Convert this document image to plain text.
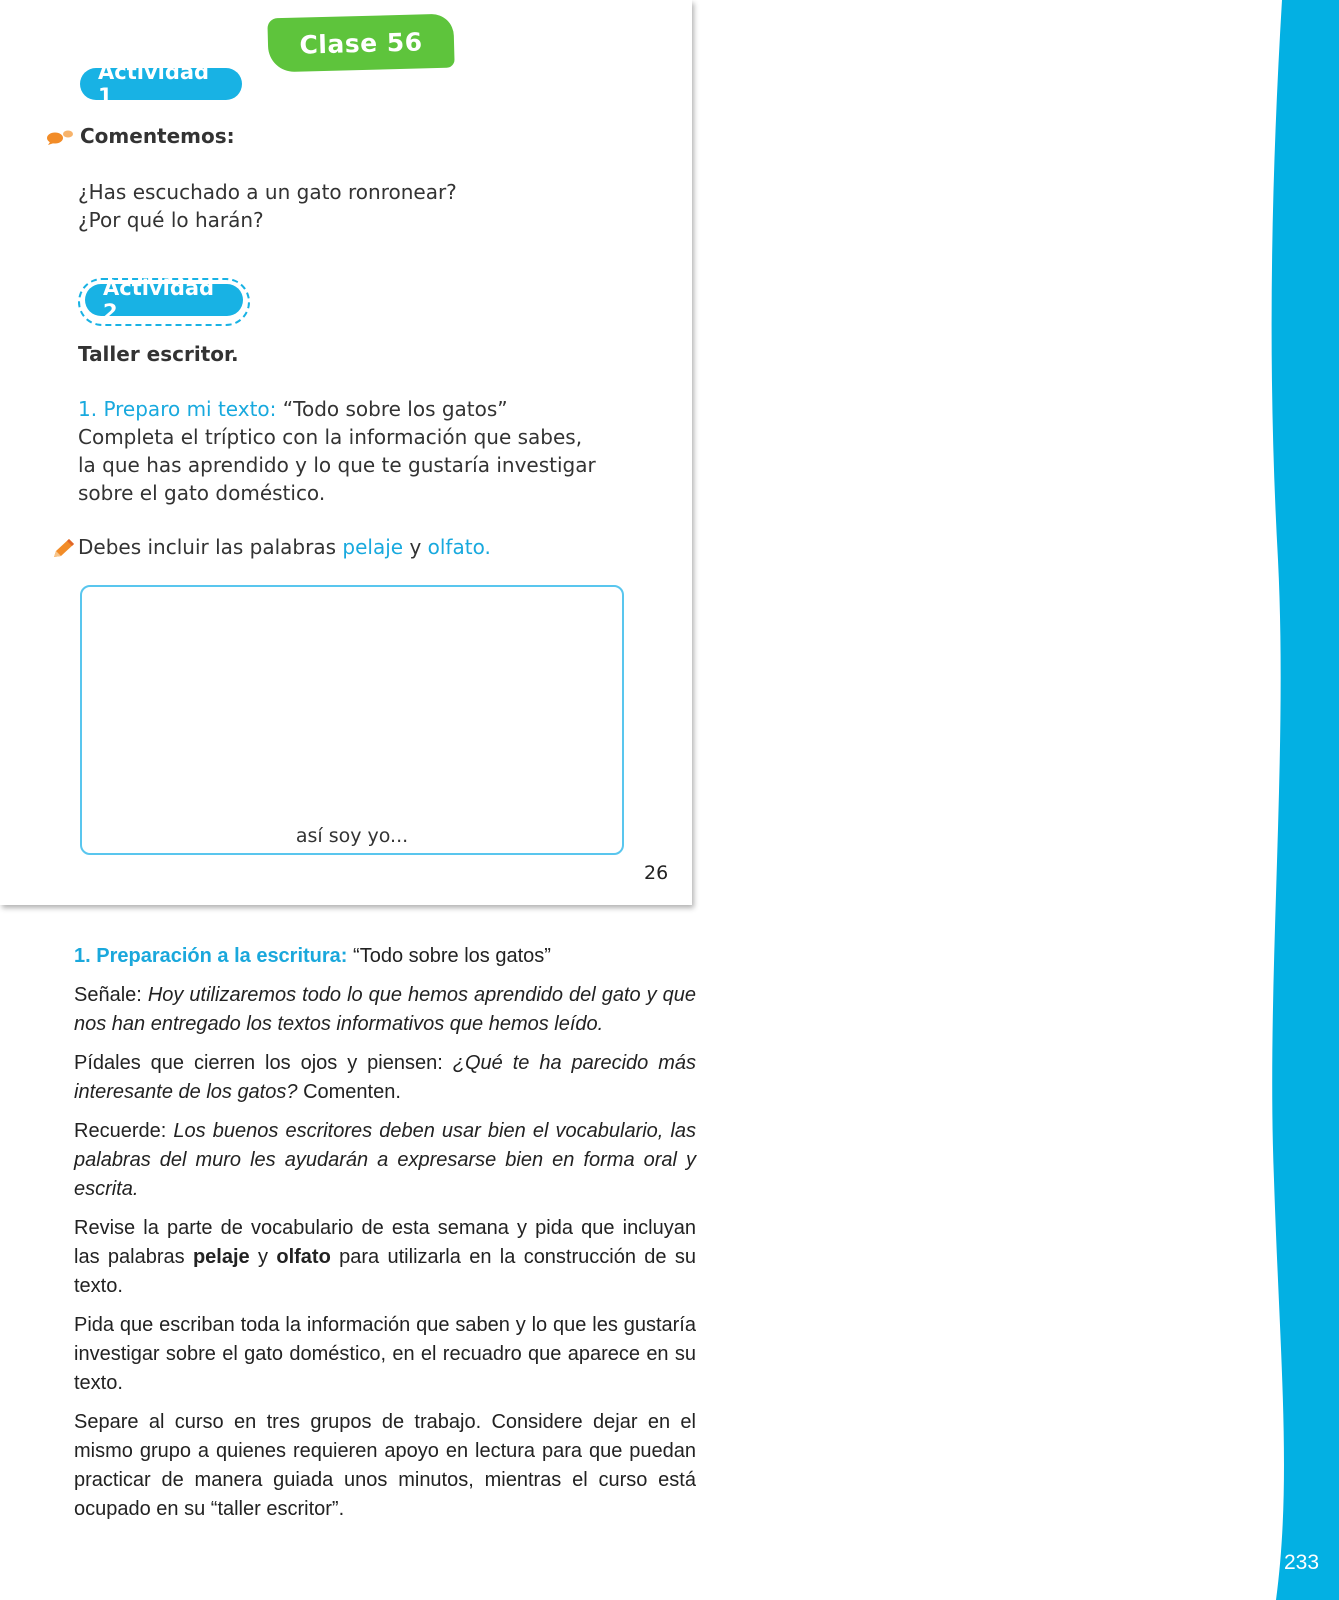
Clase 56
Actividad 1
Comentemos:
¿Has escuchado a un gato ronronear?
¿Por qué lo harán?
Actividad 2
Taller escritor.
1. Preparo mi texto: “Todo sobre los gatos”
Completa el tríptico con la información que sabes,
la que has aprendido y lo que te gustaría investigar
sobre el gato doméstico.
Debes incluir las palabras pelaje y olfato.
así soy yo...
26

1. Preparación a la escritura: “Todo sobre los gatos”

Señale: Hoy utilizaremos todo lo que hemos aprendido del gato y que nos han entregado los textos informativos que hemos leído.

Pídales que cierren los ojos y piensen: ¿Qué te ha parecido más interesante de los gatos? Comenten.

Recuerde: Los buenos escritores deben usar bien el vocabulario, las palabras del muro les ayudarán a expresarse bien en forma oral y escrita.

Revise la parte de vocabulario de esta semana y pida que incluyan las palabras pelaje y olfato para utilizarla en la construcción de su texto.

Pida que escriban toda la información que saben y lo que les gustaría investigar sobre el gato doméstico, en el recuadro que aparece en su texto.

Separe al curso en tres grupos de trabajo. Considere dejar en el mismo grupo a quienes requieren apoyo en lectura para que puedan practicar de manera guiada unos minutos, mientras el curso está ocupado en su “taller escritor”.

233
